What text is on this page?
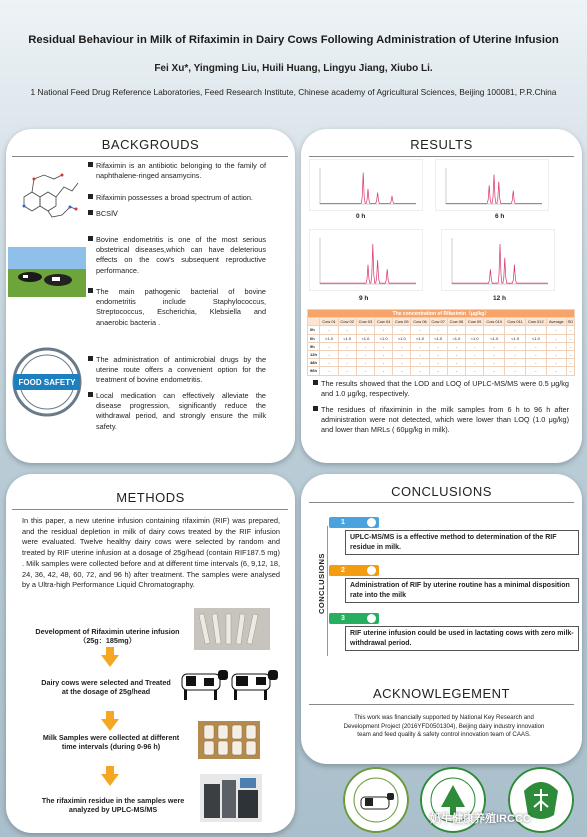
Residual Behaviour in Milk of Rifaximin in Dairy Cows Following Administration of Uterine Infusion
Fei Xu*, Yingming Liu, Huili Huang, Lingyu Jiang, Xiubo Li.
1 National Feed Drug Reference Laboratories, Feed Research Institute, Chinese academy of Agricultural Sciences, Beijing 100081, P.R.China
BACKGROUDS
Rifaximin is an antibiotic belonging to the family of naphthalene-ringed ansamycins.
Rifaximin possesses a broad spectrum of action.
BCSⅣ
Bovine endometritis is one of the most serious obstetrical diseases,which can have deleterious effects on the cow's subsequent reproductive performance.
The main pathogenic bacterial of bovine endometritis include Staphylococcus, Streptococcus, Escherichia, Klebsiella and anaerobic bacteria .
FOOD SAFETY
The administration of antimicrobial drugs by the uterine route offers a convenient option for the treatment of bovine endometritis.
Local medication can effectively alleviate the disease progression, significantly reduce the withdrawal period, and strongly ensure the milk safety.
RESULTS
0 h	6 h
9 h	12 h
The concentration of Rifaximin（μg/kg）														
	Cow 01	Cow 02	Cow 03	Cow 04	Cow 05	Cow 06	Cow 07	Cow 08	Cow 09	Cow 010	Cow 011	Cow 012	Average	SD
0h	-	-	-	-	-	-	-	-	-	-	-	-	-	-
6h	<1.0	<1.0	<1.0	<1.0	<1.0	<1.0	<1.0	<1.0	<1.0	<1.0	<1.0	<1.0	-	-
9h	-	-	-	-	-	-	-	-	-	-	-	-	-	-
12h	-	-	-	-	-	-	-	-	-	-	-	-	-	-
48h	-	-	-	-	-	-	-	-	-	-	-	-	-	-
96h	-	-	-	-	-	-	-	-	-	-	-	-	-	-
The results showed that the LOD and LOQ of UPLC-MS/MS were 0.5 μg/kg and 1.0 μg/kg, respectively.
The residues of rifaximinin in the milk samples from 6 h to 96 h after administration were not detected, which were lower than LOQ (1.0 μg/kg) and lower than MRLs ( 60μg/kg in milk).
METHODS
In this paper, a new uterine infusion containing rifaximin (RIF) was prepared, and the residual depletion in milk of dairy cows treated by the RIF infusion were evaluated. Twelve healthy dairy cows were selected by random and treated by RIF uterine infusion at a dosage of 25g/head (contain RIF187.5 mg) . Milk samples were collected before and at different time intervals (6, 9,12, 18, 24, 36, 42, 48, 60, 72, and 96 h) after treatment. The samples were analysed by a Ultra-high Performance Liquid Chromatography.
Development of Rifaximin uterine infusion
（25g：185mg）
Dairy cows were selected and Treated
at the dosage of 25g/head
Milk Samples were collected at different
time intervals (during 0-96 h)
The rifaximin residue in the samples were
analyzed by UPLC-MS/MS
CONCLUSIONS
CONCLUSIONS
1
UPLC-MS/MS is a effective method to determination of the RIF residue in milk.
2
Administration of RIF by uterine routine has a minimal disposition rate into the milk
3
RIF uterine infusion could be used in lactating cows with zero milk-withdrawal period.
ACKNOWLEGEMENT
This work was financially supported by National Key Research and Development Project (2016YFD0501304), Beijing dairy industry innovation team and feed quality & safety control innovation team of CAAS.
奶牛健康养殖IRCCC
